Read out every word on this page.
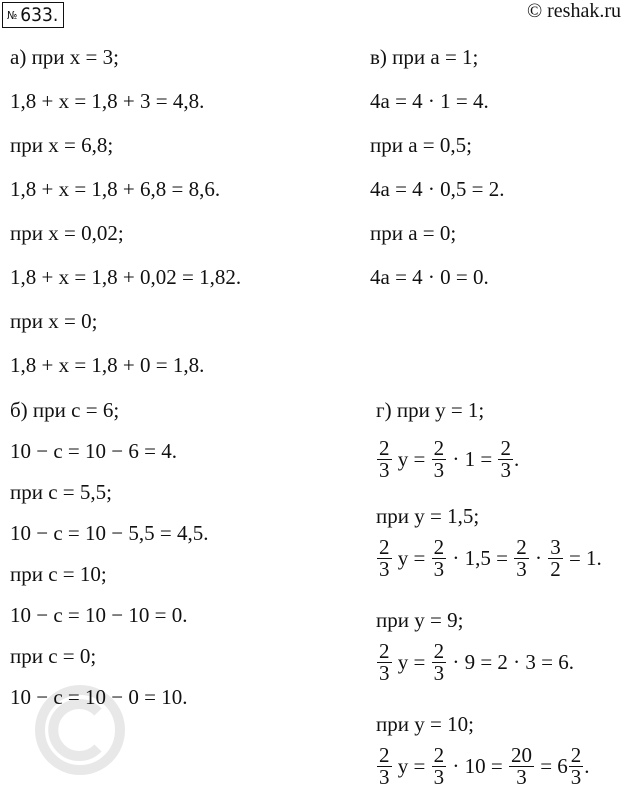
№ 633.	© reshak.ru
а) при x = 3;
1,8 + x = 1,8 + 3 = 4,8.
при x = 6,8;
1,8 + x = 1,8 + 6,8 = 8,6.
при x = 0,02;
1,8 + x = 1,8 + 0,02 = 1,82.
при x = 0;
1,8 + x = 1,8 + 0 = 1,8.
б) при c = 6;
10 − c = 10 − 6 = 4.
при c = 5,5;
10 − c = 10 − 5,5 = 4,5.
при c = 10;
10 − c = 10 − 10 = 0.
при c = 0;
10 − c = 10 − 0 = 10.
в) при a = 1;
4a = 4 · 1 = 4.
при a = 0,5;
4a = 4 · 0,5 = 2.
при a = 0;
4a = 4 · 0 = 0.
г) при y = 1;
$\frac{2}{3}$ $y = \frac{2}{3} \cdot 1 = \frac{2}{3}$ .
при y = 1,5;
$\frac{2}{3}$ $y = \frac{2}{3} \cdot 1,5 = \frac{2}{3} \cdot \frac{3}{2} = 1$.
при y = 9;
$\frac{2}{3}$ $y = \frac{2}{3} \cdot 9 = 2 \cdot 3 = 6$.
при y = 10;
$\frac{2}{3}$ $y = \frac{2}{3} \cdot 10 = \frac{20}{3} = 6 \frac{2}{3}$ .
